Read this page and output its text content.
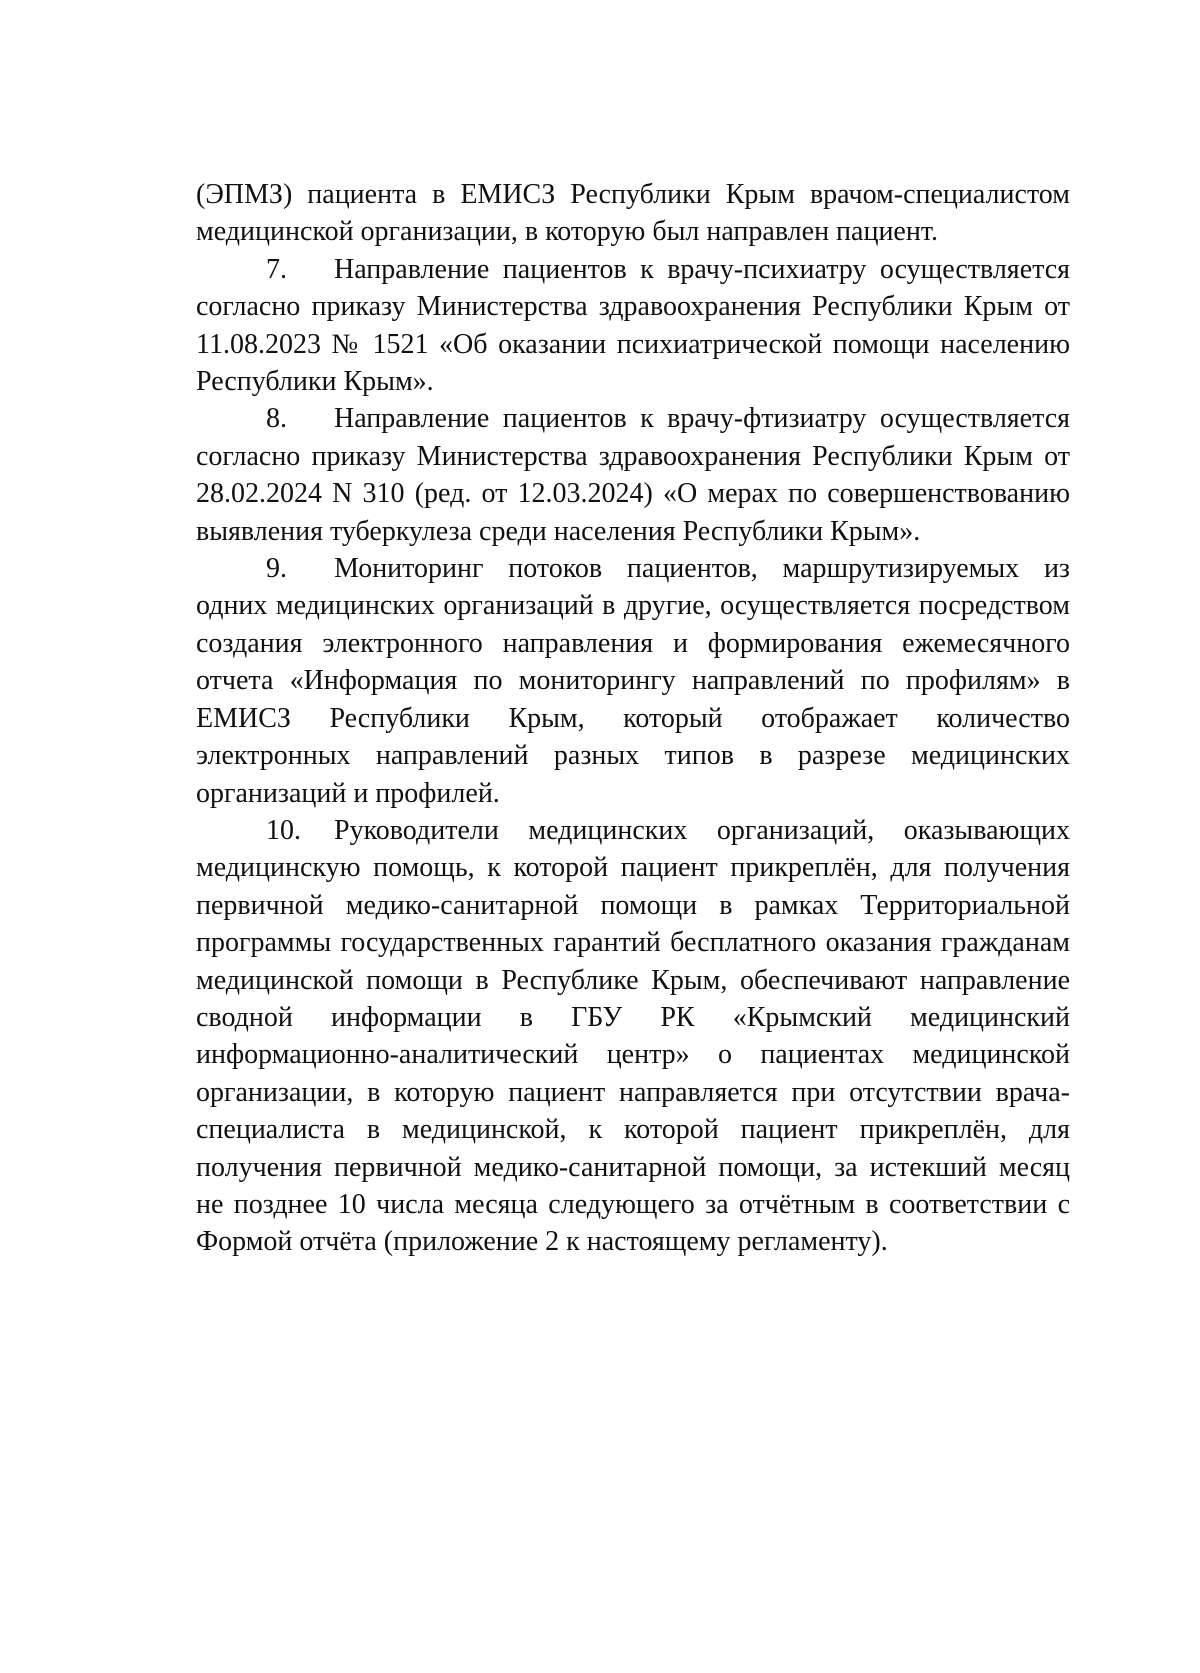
(ЭПМЗ) пациента в ЕМИСЗ Республики Крым врачом-специалистом медицинской организации, в которую был направлен пациент.

7. Направление пациентов к врачу-психиатру осуществляется согласно приказу Министерства здравоохранения Республики Крым от 11.08.2023 № 1521 «Об оказании психиатрической помощи населению Республики Крым».

8. Направление пациентов к врачу-фтизиатру осуществляется согласно приказу Министерства здравоохранения Республики Крым от 28.02.2024 N 310 (ред. от 12.03.2024) «О мерах по совершенствованию выявления туберкулеза среди населения Республики Крым».

9. Мониторинг потоков пациентов, маршрутизируемых из одних медицинских организаций в другие, осуществляется посредством создания электронного направления и формирования ежемесячного отчета «Информация по мониторингу направлений по профилям» в ЕМИСЗ Республики Крым, который отображает количество электронных направлений разных типов в разрезе медицинских организаций и профилей.

10. Руководители медицинских организаций, оказывающих медицинскую помощь, к которой пациент прикреплён, для получения первичной медико-санитарной помощи в рамках Территориальной программы государственных гарантий бесплатного оказания гражданам медицинской помощи в Республике Крым, обеспечивают направление сводной информации в ГБУ РК «Крымский медицинский информационно-аналитический центр» о пациентах медицинской организации, в которую пациент направляется при отсутствии врача-специалиста в медицинской, к которой пациент прикреплён, для получения первичной медико-санитарной помощи, за истекший месяц не позднее 10 числа месяца следующего за отчётным в соответствии с Формой отчёта (приложение 2 к настоящему регламенту).
